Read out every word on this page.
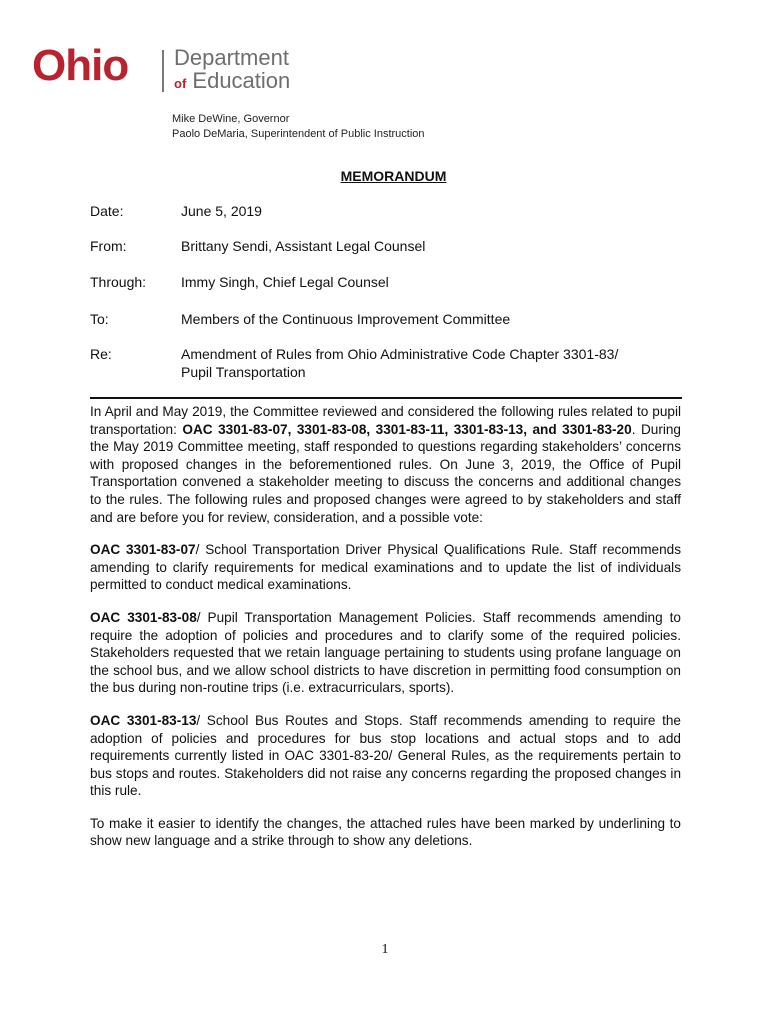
Ohio Department
of Education
Mike DeWine, Governor
Paolo DeMaria, Superintendent of Public Instruction
MEMORANDUM
Date:	June 5, 2019
From:	Brittany Sendi, Assistant Legal Counsel
Through:	Immy Singh, Chief Legal Counsel
To:	Members of the Continuous Improvement Committee
Re:	Amendment of Rules from Ohio Administrative Code Chapter 3301-83/
Pupil Transportation

In April and May 2019, the Committee reviewed and considered the following rules related to pupil transportation: OAC 3301-83-07, 3301-83-08, 3301-83-11, 3301-83-13, and 3301-83-20. During the May 2019 Committee meeting, staff responded to questions regarding stakeholders’ concerns with proposed changes in the beforementioned rules. On June 3, 2019, the Office of Pupil Transportation convened a stakeholder meeting to discuss the concerns and additional changes to the rules. The following rules and proposed changes were agreed to by stakeholders and staff and are before you for review, consideration, and a possible vote:

OAC 3301-83-07/ School Transportation Driver Physical Qualifications Rule. Staff recommends amending to clarify requirements for medical examinations and to update the list of individuals permitted to conduct medical examinations.

OAC 3301-83-08/ Pupil Transportation Management Policies. Staff recommends amending to require the adoption of policies and procedures and to clarify some of the required policies. Stakeholders requested that we retain language pertaining to students using profane language on the school bus, and we allow school districts to have discretion in permitting food consumption on the bus during non-routine trips (i.e. extracurriculars, sports).

OAC 3301-83-13/ School Bus Routes and Stops. Staff recommends amending to require the adoption of policies and procedures for bus stop locations and actual stops and to add requirements currently listed in OAC 3301-83-20/ General Rules, as the requirements pertain to bus stops and routes. Stakeholders did not raise any concerns regarding the proposed changes in this rule.

To make it easier to identify the changes, the attached rules have been marked by underlining to show new language and a strike through to show any deletions.

1
